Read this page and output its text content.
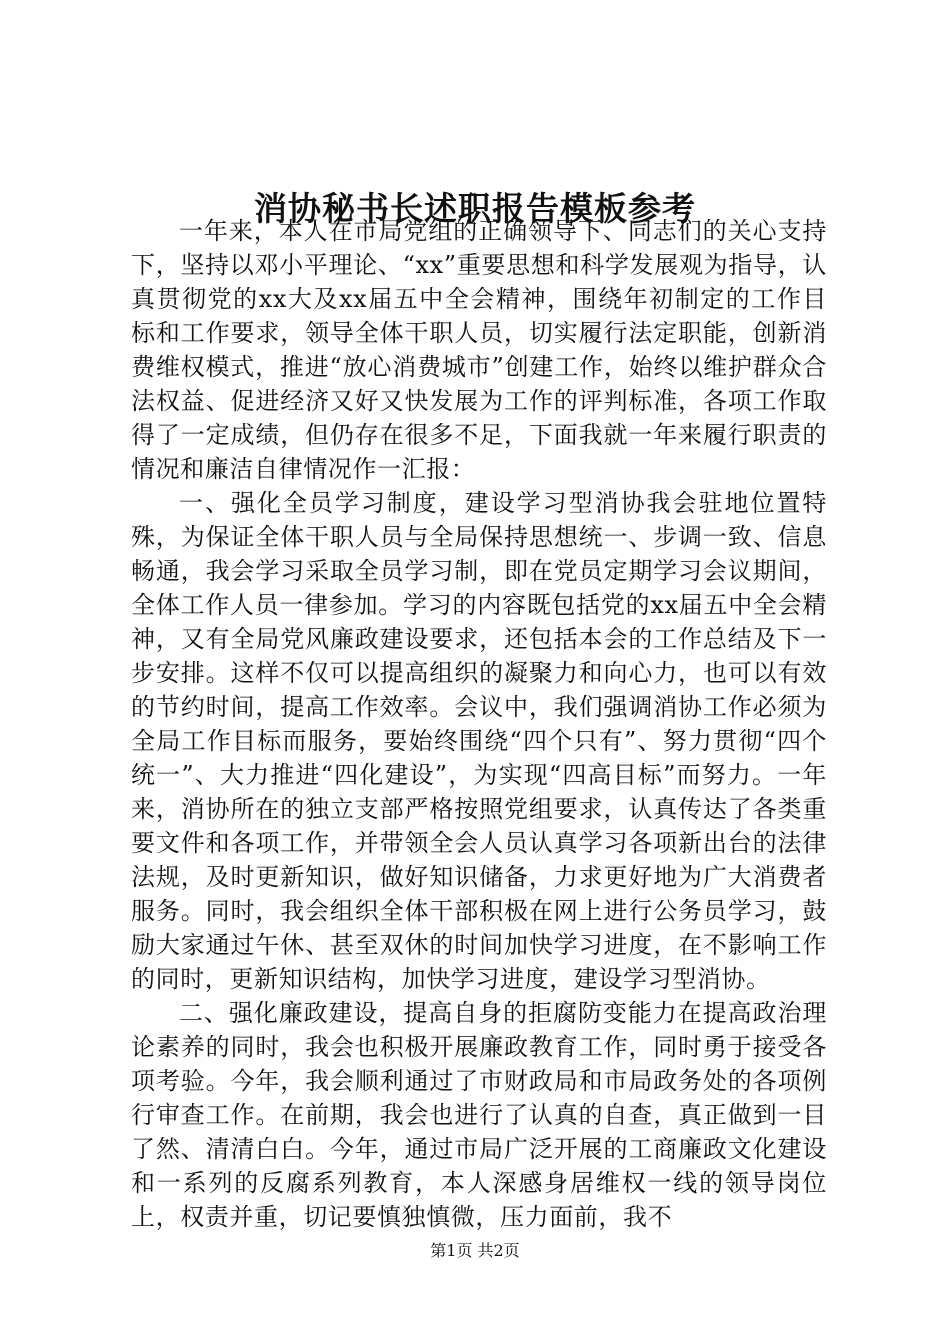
消协秘书长述职报告模板参考

一年来，本人在市局党组的正确领导下、同志们的关心支持下，坚持以邓小平理论、“xx”重要思想和科学发展观为指导，认真贯彻党的xx大及xx届五中全会精神，围绕年初制定的工作目标和工作要求，领导全体干职人员，切实履行法定职能，创新消费维权模式，推进“放心消费城市”创建工作，始终以维护群众合法权益、促进经济又好又快发展为工作的评判标准，各项工作取得了一定成绩，但仍存在很多不足，下面我就一年来履行职责的情况和廉洁自律情况作一汇报：

一、强化全员学习制度，建设学习型消协我会驻地位置特殊，为保证全体干职人员与全局保持思想统一、步调一致、信息畅通，我会学习采取全员学习制，即在党员定期学习会议期间，全体工作人员一律参加。学习的内容既包括党的xx届五中全会精神，又有全局党风廉政建设要求，还包括本会的工作总结及下一步安排。这样不仅可以提高组织的凝聚力和向心力，也可以有效的节约时间，提高工作效率。会议中，我们强调消协工作必须为全局工作目标而服务，要始终围绕“四个只有”、努力贯彻“四个统一”、大力推进“四化建设”，为实现“四高目标”而努力。一年来，消协所在的独立支部严格按照党组要求，认真传达了各类重要文件和各项工作，并带领全会人员认真学习各项新出台的法律法规，及时更新知识，做好知识储备，力求更好地为广大消费者服务。同时，我会组织全体干部积极在网上进行公务员学习，鼓励大家通过午休、甚至双休的时间加快学习进度，在不影响工作的同时，更新知识结构，加快学习进度，建设学习型消协。

二、强化廉政建设，提高自身的拒腐防变能力在提高政治理论素养的同时，我会也积极开展廉政教育工作，同时勇于接受各项考验。今年，我会顺利通过了市财政局和市局政务处的各项例行审查工作。在前期，我会也进行了认真的自查，真正做到一目了然、清清白白。今年，通过市局广泛开展的工商廉政文化建设和一系列的反腐系列教育，本人深感身居维权一线的领导岗位上，权责并重，切记要慎独慎微，压力面前，我不

第1页 共2页
